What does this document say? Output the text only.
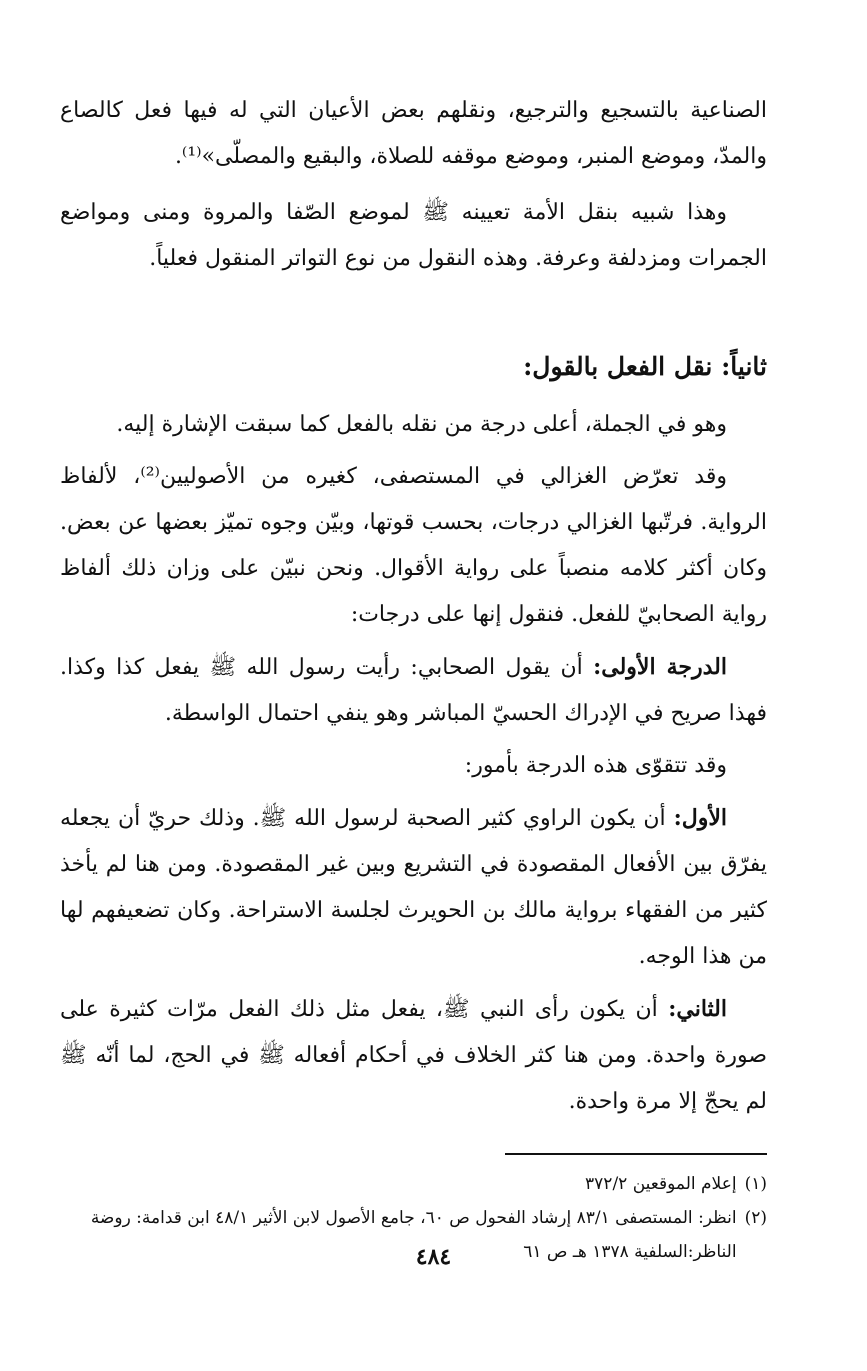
الصناعية بالتسجيع والترجيع، ونقلهم بعض الأعيان التي له فيها فعل كالصاع والمدّ، وموضع المنبر، وموضع موقفه للصلاة، والبقيع والمصلّى»⁽¹⁾.

وهذا شبيه بنقل الأمة تعيينه ﷺ لموضع الصّفا والمروة ومنى ومواضع الجمرات ومزدلفة وعرفة. وهذه النقول من نوع التواتر المنقول فعلياً.

ثانياً: نقل الفعل بالقول:

وهو في الجملة، أعلى درجة من نقله بالفعل كما سبقت الإشارة إليه.

وقد تعرّض الغزالي في المستصفى، كغيره من الأصوليين⁽²⁾، لألفاظ الرواية. فرتّبها الغزالي درجات، بحسب قوتها، وبيّن وجوه تميّز بعضها عن بعض. وكان أكثر كلامه منصباً على رواية الأقوال. ونحن نبيّن على وزان ذلك ألفاظ رواية الصحابيّ للفعل. فنقول إنها على درجات:

الدرجة الأولى: أن يقول الصحابي: رأيت رسول الله ﷺ يفعل كذا وكذا. فهذا صريح في الإدراك الحسيّ المباشر وهو ينفي احتمال الواسطة.

وقد تتقوّى هذه الدرجة بأمور:

الأول: أن يكون الراوي كثير الصحبة لرسول الله ﷺ. وذلك حريّ أن يجعله يفرّق بين الأفعال المقصودة في التشريع وبين غير المقصودة. ومن هنا لم يأخذ كثير من الفقهاء برواية مالك بن الحويرث لجلسة الاستراحة. وكان تضعيفهم لها من هذا الوجه.

الثاني: أن يكون رأى النبي ﷺ، يفعل مثل ذلك الفعل مرّات كثيرة على صورة واحدة. ومن هنا كثر الخلاف في أحكام أفعاله ﷺ في الحج، لما أنّه ﷺ لم يحجّ إلا مرة واحدة.

(١)
إعلام الموقعين ٣٧٢/٢
(٢)
انظر: المستصفى ٨٣/١ إرشاد الفحول ص ٦٠، جامع الأصول لابن الأثير ٤٨/١ ابن قدامة: روضة الناظر:السلفية ١٣٧٨ هـ ص ٦١
٤٨٤
